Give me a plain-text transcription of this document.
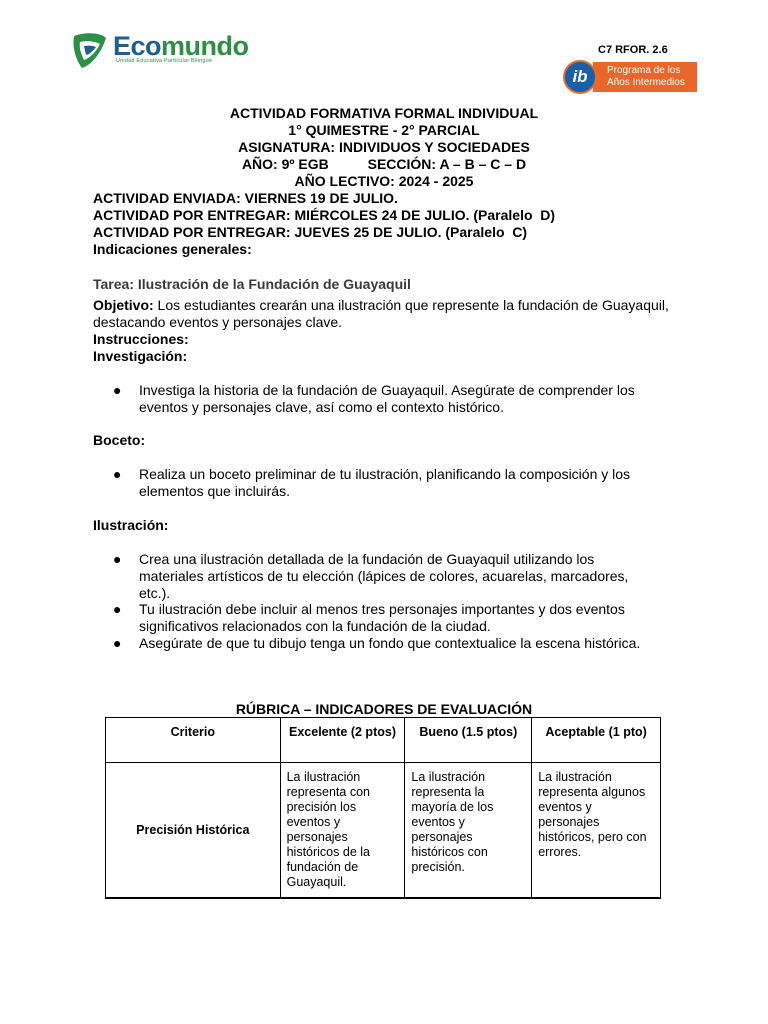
Ecomundo
Unidad Educativa Particular Bilingüe
C7 RFOR. 2.6
Programa de los
Años Intermedios
ib
ACTIVIDAD FORMATIVA FORMAL INDIVIDUAL
1° QUIMESTRE - 2° PARCIAL
ASIGNATURA: INDIVIDUOS Y SOCIEDADES
AÑO: 9º EGB          SECCIÓN: A – B – C – D
AÑO LECTIVO: 2024 - 2025
ACTIVIDAD ENVIADA: VIERNES 19 DE JULIO.
ACTIVIDAD POR ENTREGAR: MIÉRCOLES 24 DE JULIO. (Paralelo  D)
ACTIVIDAD POR ENTREGAR: JUEVES 25 DE JULIO. (Paralelo  C)
Indicaciones generales:
Tarea: Ilustración de la Fundación de Guayaquil
Objetivo: Los estudiantes crearán una ilustración que represente la fundación de Guayaquil, destacando eventos y personajes clave.
Instrucciones:
Investigación:
● Investiga la historia de la fundación de Guayaquil. Asegúrate de comprender los eventos y personajes clave, así como el contexto histórico.
Boceto:
● Realiza un boceto preliminar de tu ilustración, planificando la composición y los elementos que incluirás.
Ilustración:
● Crea una ilustración detallada de la fundación de Guayaquil utilizando los materiales artísticos de tu elección (lápices de colores, acuarelas, marcadores, etc.).
● Tu ilustración debe incluir al menos tres personajes importantes y dos eventos significativos relacionados con la fundación de la ciudad.
● Asegúrate de que tu dibujo tenga un fondo que contextualice la escena histórica.
RÚBRICA – INDICADORES DE EVALUACIÓN
Criterio	Excelente (2 ptos)	Bueno (1.5 ptos)	Aceptable (1 pto)
Precisión Histórica	La ilustración representa con precisión los eventos y personajes históricos de la fundación de Guayaquil.	La ilustración representa la mayoría de los eventos y personajes históricos con precisión.	La ilustración representa algunos eventos y personajes históricos, pero con errores.
